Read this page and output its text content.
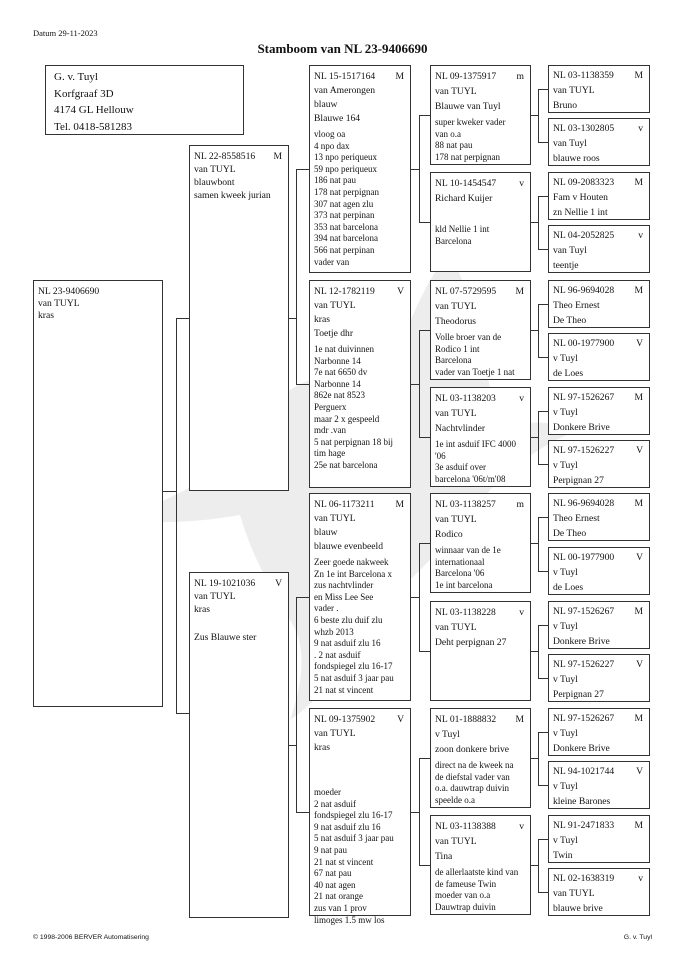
Datum 29-11-2023
Stamboom van NL 23-9406690
G. v. Tuyl
Korfgraaf 3D
4174 GL Hellouw
Tel. 0418-581283
NL 23-9406690
van TUYL
kras
NL 22-8558516 M
van TUYL
blauwbont
samen kweek jurian
NL 19-1021036 V
van TUYL
kras
Zus Blauwe ster
NL 15-1517164 M
van Amerongen
blauw
Blauwe 164
vloog oa
4 npo dax
13 npo periqueux
59 npo periqueux
186 nat pau
178 nat perpignan
307 nat agen zlu
373 nat perpinan
353 nat barcelona
394 nat barcelona
566 nat perpinan
vader van
NL 12-1782119 V
van TUYL
kras
Toetje dhr
1e nat duivinnen
Narbonne 14
7e nat 6650 dv
Narbonne 14
862e nat 8523
Perguerx
maar 2 x gespeeld
mdr .van
5 nat perpignan 18 bij
tim hage
25e nat barcelona
NL 06-1173211 M
van TUYL
blauw
blauwe evenbeeld
Zeer goede nakweek
Zn 1e int Barcelona x
zus nachtvlinder
en Miss Lee See
vader .
6 beste zlu duif zlu
whzb 2013
9 nat asduif zlu 16
. 2 nat asduif
fondspiegel zlu 16-17
5 nat asduif 3 jaar pau
21 nat st vincent
NL 09-1375902 V
van TUYL
kras
moeder
2 nat asduif
fondspiegel zlu 16-17
9 nat asduif zlu 16
5 nat asduif 3 jaar pau
9 nat pau
21 nat st vincent
67 nat pau
40 nat agen
21 nat orange
zus van 1 prov
limoges 1.5 mw los
NL 09-1375917 m
van TUYL
Blauwe van Tuyl
super kweker vader
van o.a
88 nat pau
178 nat perpignan
NL 10-1454547 v
Richard Kuijer
kld Nellie 1 int
Barcelona
NL 07-5729595 M
van TUYL
Theodorus
Volle broer van de
Rodico 1 int
Barcelona
vader van Toetje 1 nat
NL 03-1138203 v
van TUYL
Nachtvlinder
1e int asduif IFC 4000
'06
3e asduif over
barcelona '06t/m'08
NL 03-1138257 m
van TUYL
Rodico
winnaar van de 1e
internationaal
Barcelona '06
1e int barcelona
NL 03-1138228 v
van TUYL
Deht perpignan 27
NL 01-1888832 M
v Tuyl
zoon donkere brive
direct na de kweek na
de diefstal vader van
o.a. dauwtrap duivin
speelde o.a
NL 03-1138388 v
van TUYL
Tina
de allerlaatste kind van
de fameuse Twin
moeder van o.a
Dauwtrap duivin
NL 03-1138359 M
van TUYL
Bruno
NL 03-1302805	v
van Tuyl
blauwe roos
NL 09-2083323 M
Fam v Houten
zn Nellie 1 int
NL 04-2052825	v
van Tuyl
teentje
NL 96-9694028 M
Theo Ernest
De Theo
NL 00-1977900 V
v Tuyl
de Loes
NL 97-1526267 M
v Tuyl
Donkere Brive
NL 97-1526227 V
v Tuyl
Perpignan 27
NL 96-9694028 M
Theo Ernest
De Theo
NL 00-1977900 V
v Tuyl
de Loes
NL 97-1526267 M
v Tuyl
Donkere Brive
NL 97-1526227 V
v Tuyl
Perpignan 27
NL 97-1526267 M
v Tuyl
Donkere Brive
NL 94-1021744 V
v Tuyl
kleine Barones
NL 91-2471833 M
v Tuyl
Twin
NL 02-1638319	v
van TUYL
blauwe brive
© 1998-2006 BERVER Automatisering	G. v. Tuyl
